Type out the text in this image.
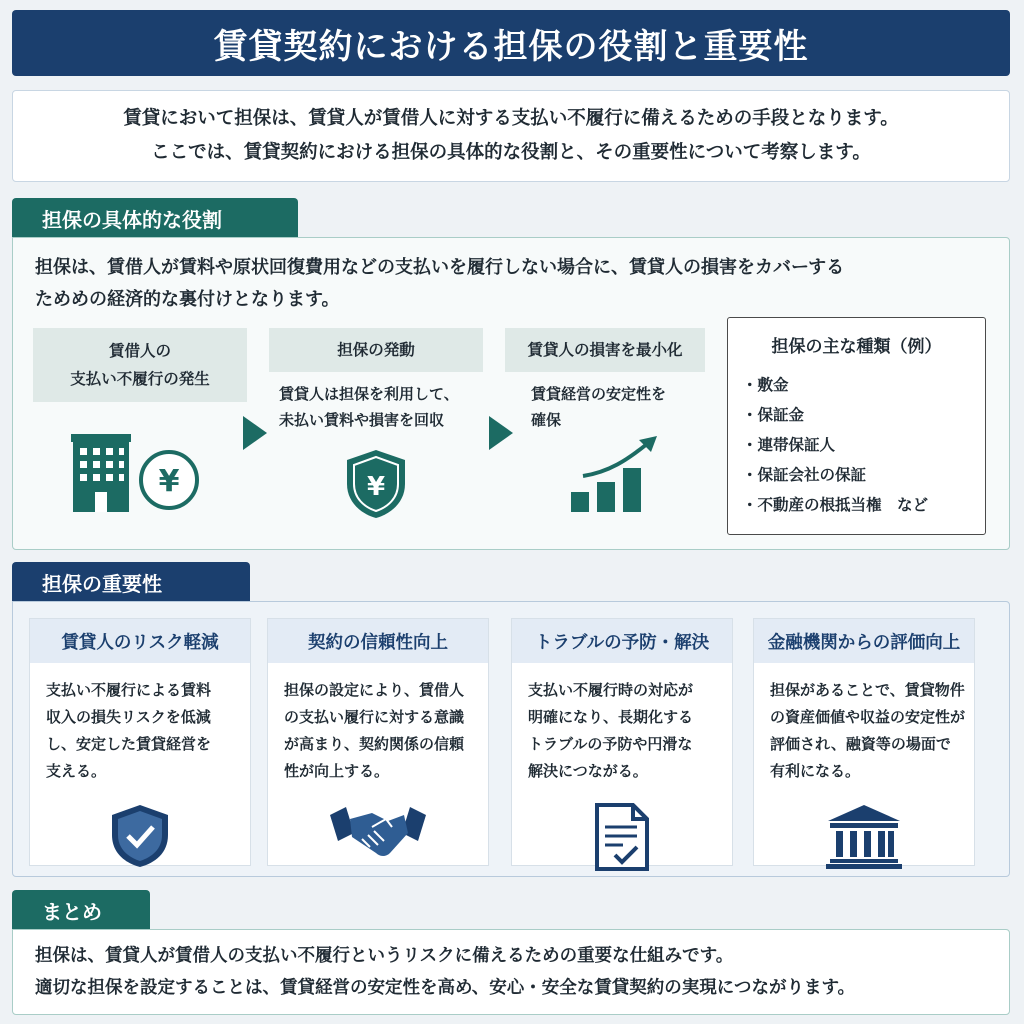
賃貸契約における担保の役割と重要性
賃貸において担保は、賃貸人が賃借人に対する支払い不履行に備えるための手段となります。
ここでは、賃貸契約における担保の具体的な役割と、その重要性について考察します。
担保の具体的な役割
担保は、賃借人が賃料や原状回復費用などの支払いを履行しない場合に、賃貸人の損害をカバーする
ためめの経済的な裏付けとなります。
賃借人の
支払い不履行の発生
¥
担保の発動
賃貸人は担保を利用して、
未払い賃料や損害を回収
¥
賃貸人の損害を最小化
賃貸経営の安定性を
確保
担保の主な種類（例）
・敷金
・保証金
・連帯保証人
・保証会社の保証
・不動産の根抵当権　など
担保の重要性
賃貸人のリスク軽減
支払い不履行による賃料
収入の損失リスクを低減
し、安定した賃貸経営を
支える。
契約の信頼性向上
担保の設定により、賃借人
の支払い履行に対する意識
が高まり、契約関係の信頼
性が向上する。
トラブルの予防・解決
支払い不履行時の対応が
明確になり、長期化する
トラブルの予防や円滑な
解決につながる。
金融機関からの評価向上
担保があることで、賃貸物件
の資産価値や収益の安定性が
評価され、融資等の場面で
有利になる。
まとめ
担保は、賃貸人が賃借人の支払い不履行というリスクに備えるための重要な仕組みです。
適切な担保を設定することは、賃貸経営の安定性を高め、安心・安全な賃貸契約の実現につながります。
